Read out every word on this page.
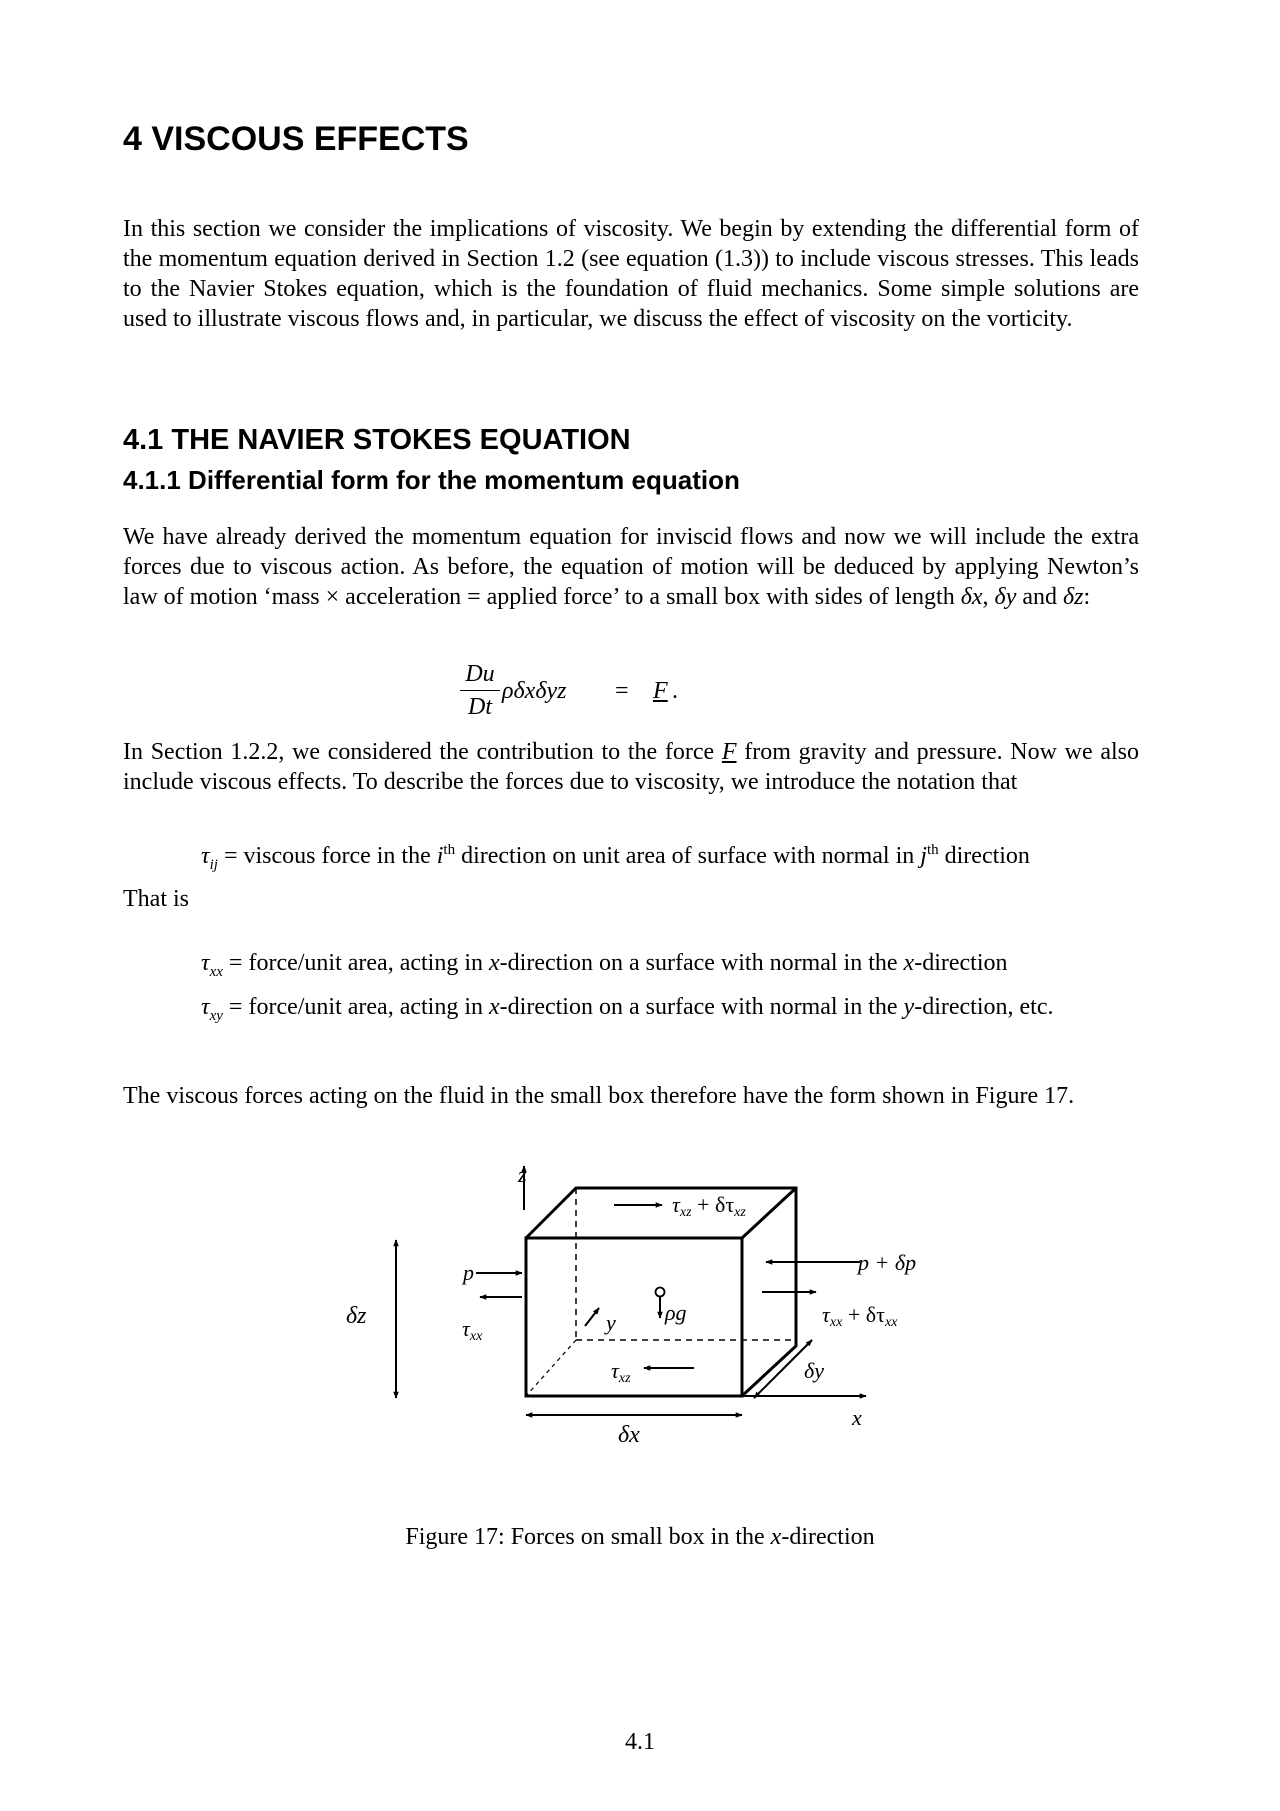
4 VISCOUS EFFECTS

In this section we consider the implications of viscosity. We begin by extending the differential form of the momentum equation derived in Section 1.2 (see equation (1.3)) to include viscous stresses. This leads to the Navier Stokes equation, which is the foundation of fluid mechanics. Some simple solutions are used to illustrate viscous flows and, in particular, we discuss the effect of viscosity on the vorticity.

4.1 THE NAVIER STOKES EQUATION
4.1.1 Differential form for the momentum equation

We have already derived the momentum equation for inviscid flows and now we will include the extra forces due to viscous action. As before, the equation of motion will be deduced by applying Newton’s law of motion ‘mass × acceleration = applied force’ to a small box with sides of length δx, δy and δz:

Du
Dt
ρδxδyz = F .

In Section 1.2.2, we considered the contribution to the force F from gravity and pressure. Now we also include viscous effects. To describe the forces due to viscosity, we introduce the notation that

$\tau_{ij}$ = viscous force in the $i^{th}$ direction on unit area of surface with normal in $j^{th}$ direction

That is

$\tau_{xx}$ = force/unit area, acting in x-direction on a surface with normal in the x-direction

$\tau_{xy}$ = force/unit area, acting in x-direction on a surface with normal in the y-direction, etc.

The viscous forces acting on the fluid in the small box therefore have the form shown in Figure 17.

z
x
y
τxz + δτxz
p + δp
τxx + δτxx
p
τxx
τxz
ρg
δz
δx
δy

Figure 17: Forces on small box in the x-direction

4.1
